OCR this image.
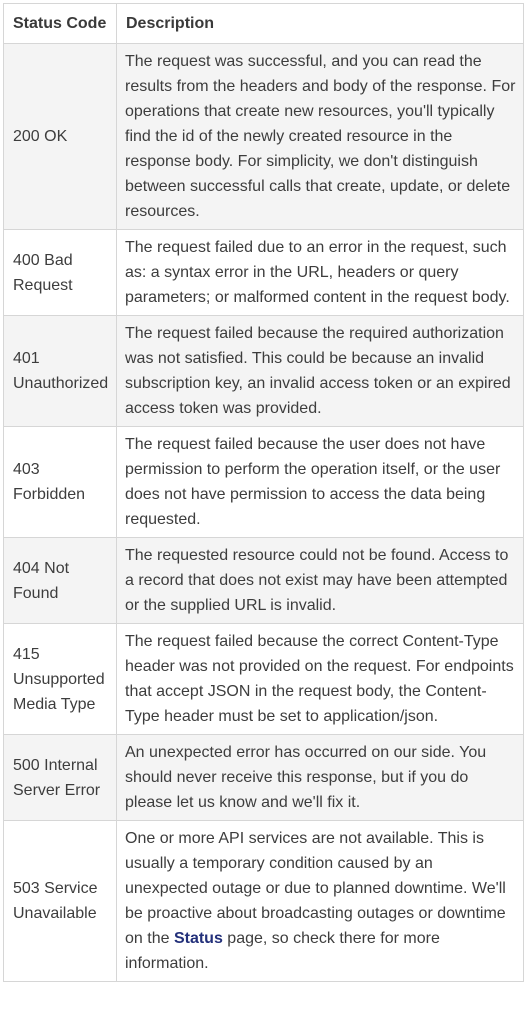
Status Code	Description
200 OK	The request was successful, and you can read the results from the headers and body of the response. For operations that create new resources, you'll typically find the id of the newly created resource in the response body. For simplicity, we don't distinguish between successful calls that create, update, or delete resources.
400 Bad Request	The request failed due to an error in the request, such as: a syntax error in the URL, headers or query parameters; or malformed content in the request body.
401 Unauthorized	The request failed because the required authorization was not satisfied. This could be because an invalid subscription key, an invalid access token or an expired access token was provided.
403 Forbidden	The request failed because the user does not have permission to perform the operation itself, or the user does not have permission to access the data being requested.
404 Not Found	The requested resource could not be found. Access to a record that does not exist may have been attempted or the supplied URL is invalid.
415 Unsupported Media Type	The request failed because the correct Content-Type header was not provided on the request. For endpoints that accept JSON in the request body, the Content-Type header must be set to application/json.
500 Internal Server Error	An unexpected error has occurred on our side. You should never receive this response, but if you do please let us know and we'll fix it.
503 Service Unavailable	One or more API services are not available. This is usually a temporary condition caused by an unexpected outage or due to planned downtime. We'll be proactive about broadcasting outages or downtime on the Status page, so check there for more information.
